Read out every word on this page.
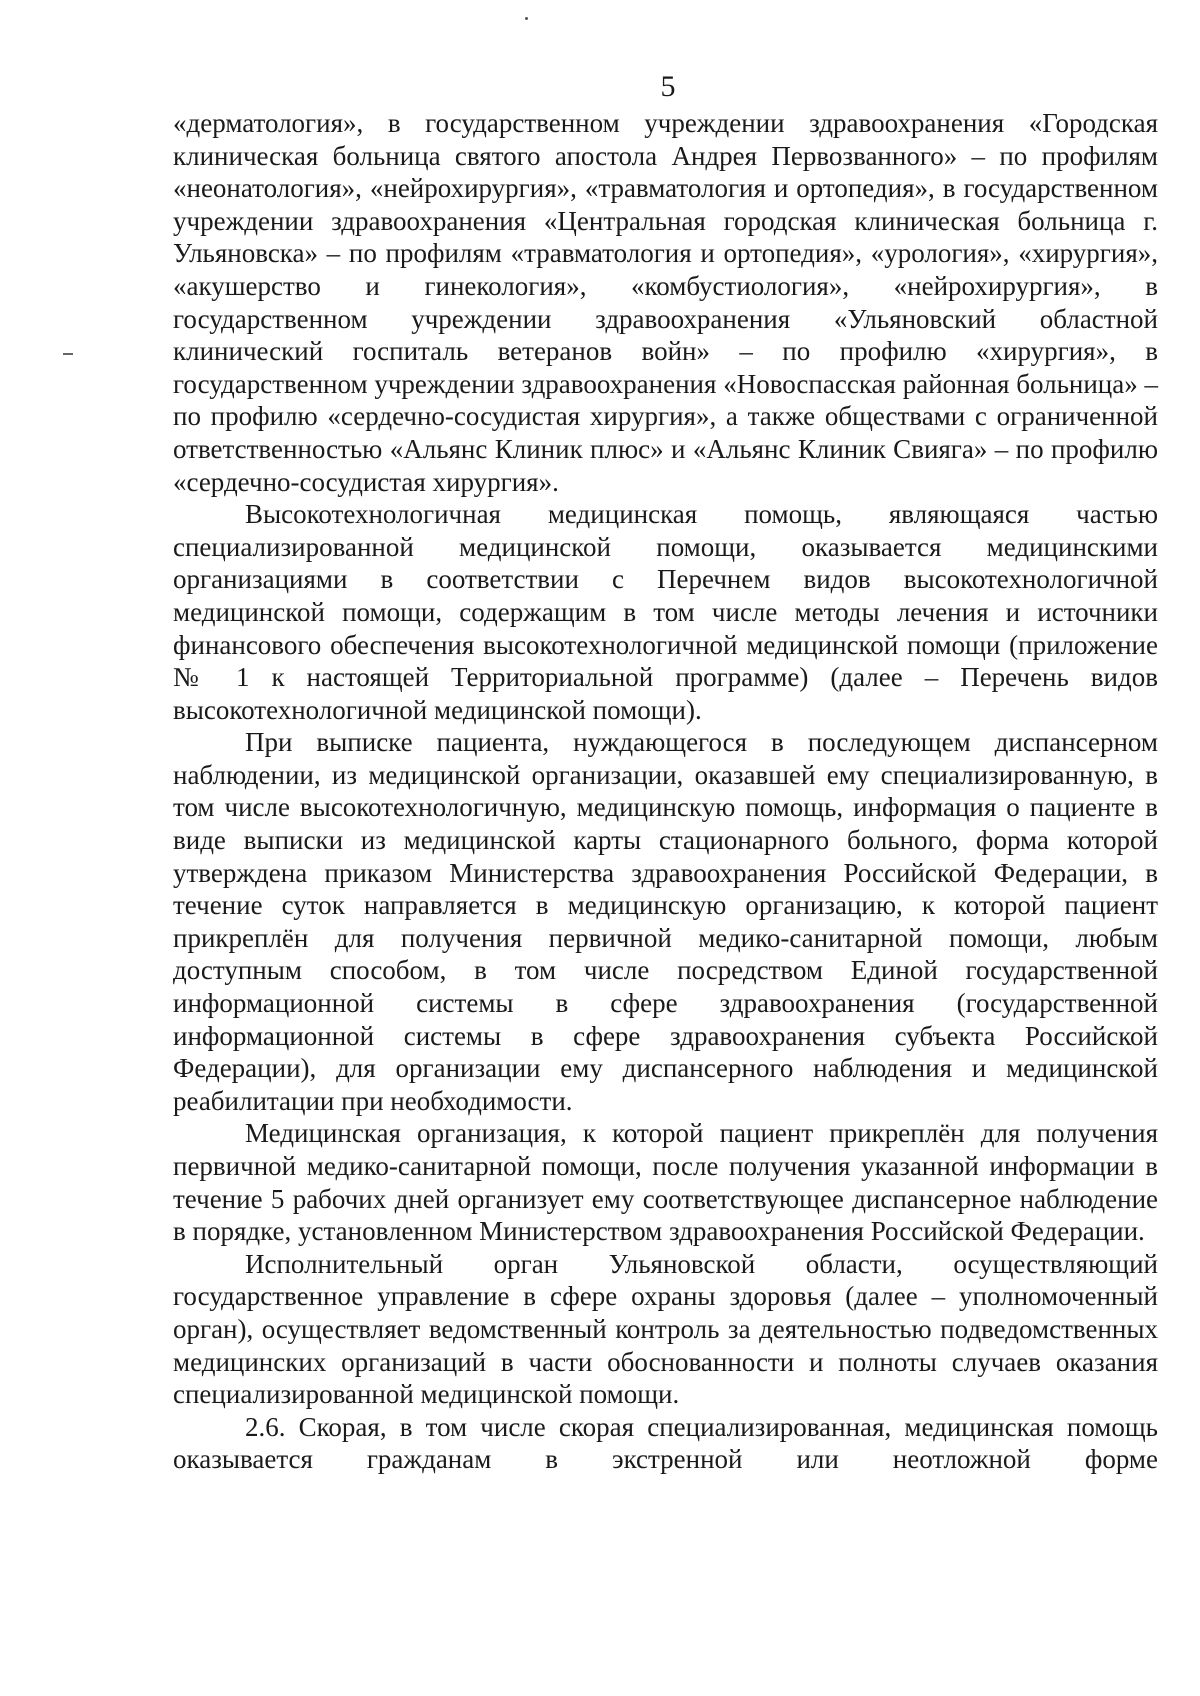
5

«дерматология», в государственном учреждении здравоохранения «Городская клиническая больница святого апостола Андрея Первозванного» – по профилям «неонатология», «нейрохирургия», «травматология и ортопедия», в государственном учреждении здравоохранения «Центральная городская клиническая больница г. Ульяновска» – по профилям «травматология и ортопедия», «урология», «хирургия», «акушерство и гинекология», «комбустиология», «нейрохирургия», в государственном учреждении здравоохранения «Ульяновский областной клинический госпиталь ветеранов войн» – по профилю «хирургия», в государственном учреждении здравоохранения «Новоспасская районная больница» – по профилю «сердечно-сосудистая хирургия», а также обществами с ограниченной ответственностью «Альянс Клиник плюс» и «Альянс Клиник Свияга» – по профилю «сердечно-сосудистая хирургия».

Высокотехнологичная медицинская помощь, являющаяся частью специализированной медицинской помощи, оказывается медицинскими организациями в соответствии с Перечнем видов высокотехнологичной медицинской помощи, содержащим в том числе методы лечения и источники финансового обеспечения высокотехнологичной медицинской помощи (приложение № 1 к настоящей Территориальной программе) (далее – Перечень видов высокотехнологичной медицинской помощи).

При выписке пациента, нуждающегося в последующем диспансерном наблюдении, из медицинской организации, оказавшей ему специализированную, в том числе высокотехнологичную, медицинскую помощь, информация о пациенте в виде выписки из медицинской карты стационарного больного, форма которой утверждена приказом Министерства здравоохранения Российской Федерации, в течение суток направляется в медицинскую организацию, к которой пациент прикреплён для получения первичной медико-санитарной помощи, любым доступным способом, в том числе посредством Единой государственной информационной системы в сфере здравоохранения (государственной информационной системы в сфере здравоохранения субъекта Российской Федерации), для организации ему диспансерного наблюдения и медицинской реабилитации при необходимости.

Медицинская организация, к которой пациент прикреплён для получения первичной медико-санитарной помощи, после получения указанной информации в течение 5 рабочих дней организует ему соответствующее диспансерное наблюдение в порядке, установленном Министерством здравоохранения Российской Федерации.

Исполнительный орган Ульяновской области, осуществляющий государственное управление в сфере охраны здоровья (далее – уполномоченный орган), осуществляет ведомственный контроль за деятельностью подведомственных медицинских организаций в части обоснованности и полноты случаев оказания специализированной медицинской помощи.

2.6. Скорая, в том числе скорая специализированная, медицинская помощь оказывается гражданам в экстренной или неотложной форме
